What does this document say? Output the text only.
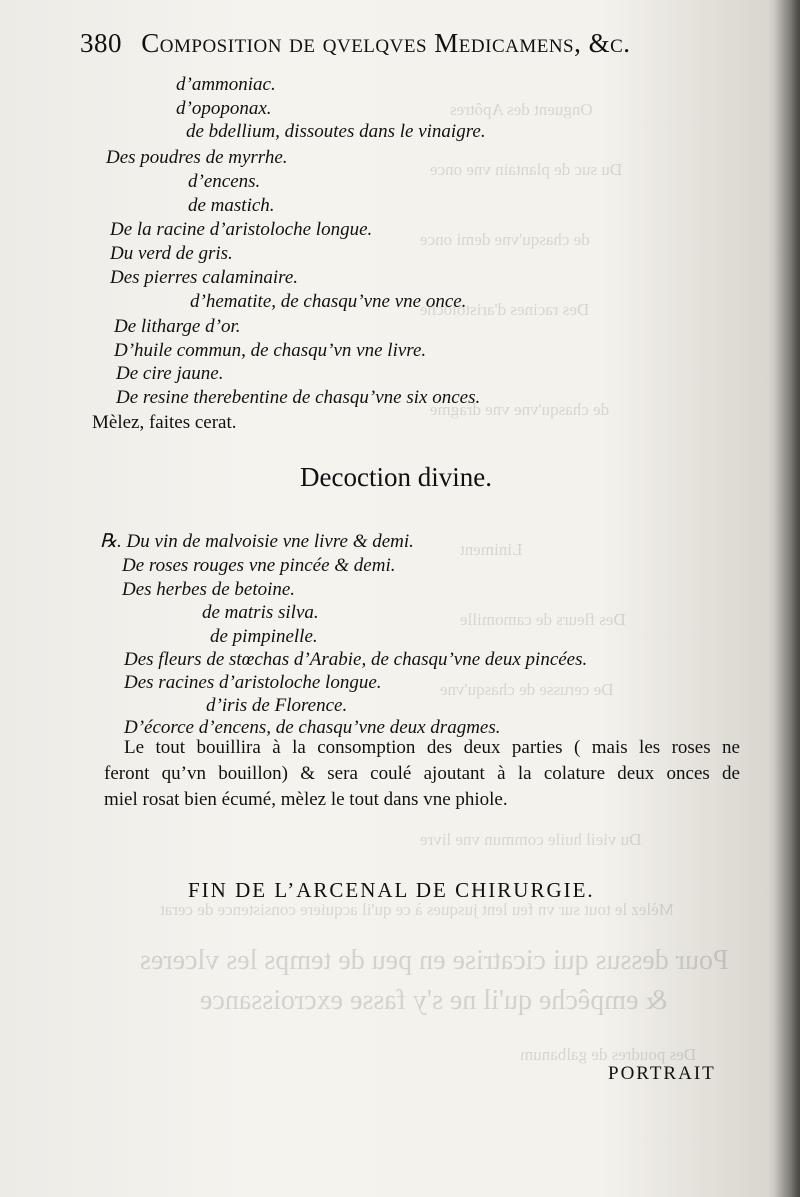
Onguent des Apôtres
Du suc de plantain vne once
de chasqu'vne demi once
Des racines d'aristoloche
de chasqu'vne vne dragme
Liniment
Des fleurs de camomille
De cerusse de chasqu'vne
Du vieil huile commun vne livre
Mèlez le tout sur vn feu lent jusques à ce qu'il acquiere consistence de cerat
Pour dessus qui cicatrise en peu de temps les vlceres
& empêche qu'il ne s'y fasse excroissance
Des poudres de galbanum
380 Composition de qvelqves Medicamens, &c.
d’ammoniac.
d’opoponax.
de bdellium, dissoutes dans le vinaigre.
Des poudres de myrrhe.
d’encens.
de mastich.
De la racine d’aristoloche longue.
Du verd de gris.
Des pierres calaminaire.
d’hematite, de chasqu’vne vne once.
De litharge d’or.
D’huile commun, de chasqu’vn vne livre.
De cire jaune.
De resine therebentine de chasqu’vne six onces.
Mèlez, faites cerat.
Decoction divine.
℞. Du vin de malvoisie vne livre & demi.
De roses rouges vne pincée & demi.
Des herbes de betoine.
de matris silva.
de pimpinelle.
Des fleurs de stœchas d’Arabie, de chasqu’vne deux pincées.
Des racines d’aristoloche longue.
d’iris de Florence.
D’écorce d’encens, de chasqu’vne deux dragmes.
Le tout bouillira à la consomption des deux parties ( mais les roses ne
feront qu’vn bouillon) & sera coulé ajoutant à la colature deux onces de
miel rosat bien écumé, mèlez le tout dans vne phiole.
FIN DE L’ARCENAL DE CHIRURGIE.
PORTRAIT
